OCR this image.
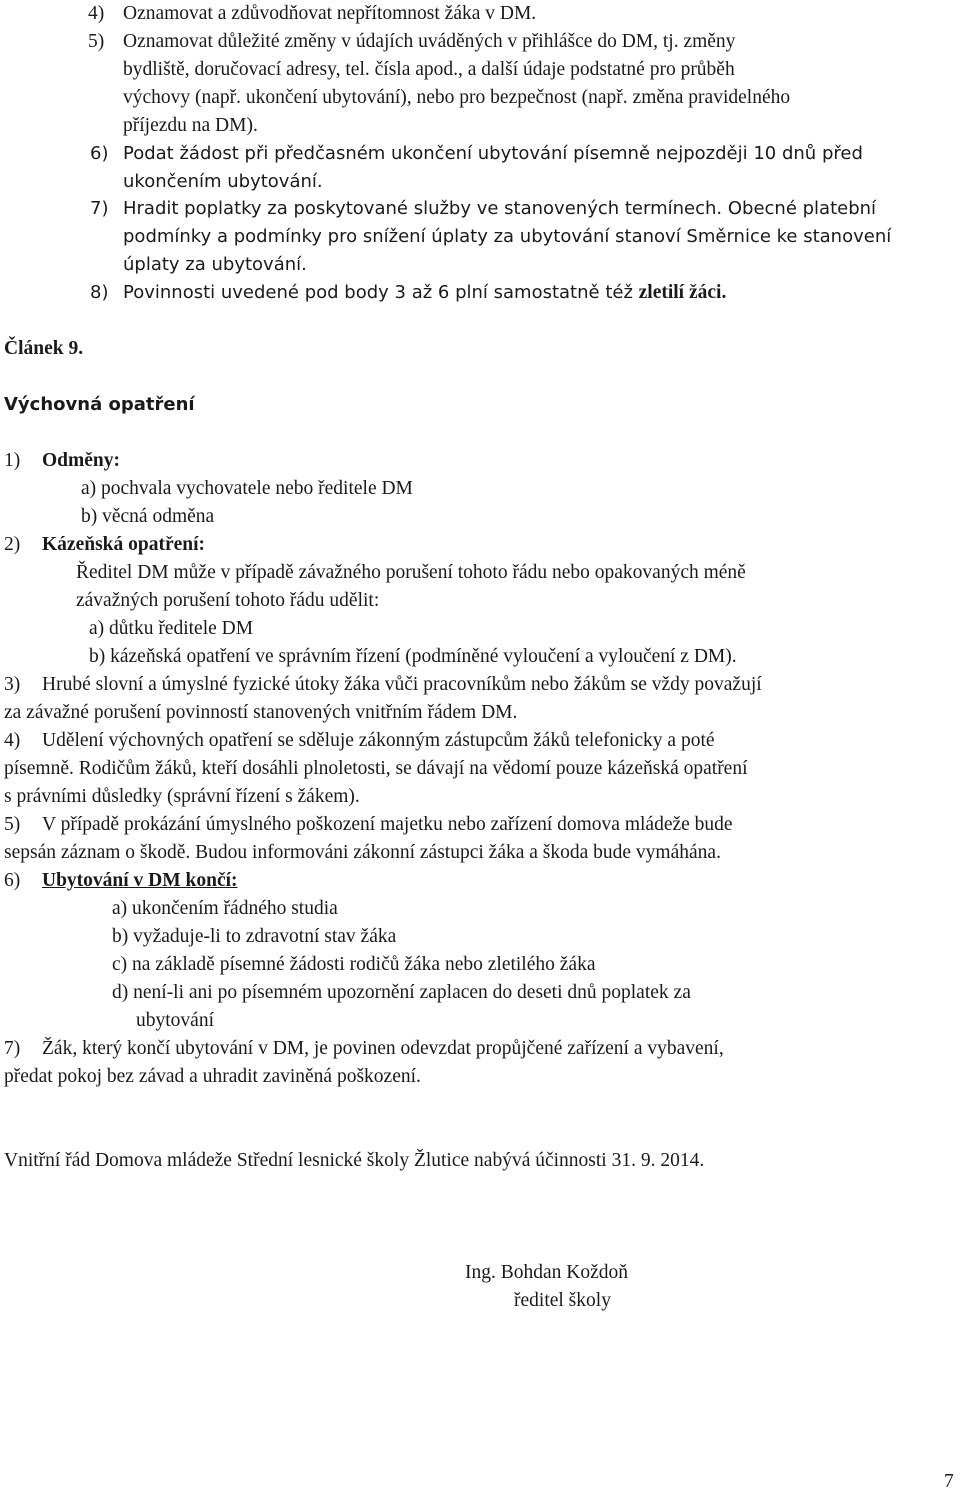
4) Oznamovat a zdůvodňovat nepřítomnost žáka v DM.
5) Oznamovat důležité změny v údajích uváděných v přihlášce do DM, tj. změny
bydliště, doručovací adresy, tel. čísla apod., a další údaje podstatné pro průběh
výchovy (např. ukončení ubytování), nebo pro bezpečnost (např. změna pravidelného
příjezdu na DM).
6) Podat žádost při předčasném ukončení ubytování písemně nejpozději 10 dnů před
ukončením ubytování.
7) Hradit poplatky za poskytované služby ve stanovených termínech. Obecné platební
podmínky a podmínky pro snížení úplaty za ubytování stanoví Směrnice ke stanovení
úplaty za ubytování.
8) Povinnosti uvedené pod body 3 až 6 plní samostatně též zletilí žáci.
Článek 9.
Výchovná opatření
1) Odměny:
a) pochvala vychovatele nebo ředitele DM
b) věcná odměna
2) Kázeňská opatření:
Ředitel DM může v případě závažného porušení tohoto řádu nebo opakovaných méně
závažných porušení tohoto řádu udělit:
a) důtku ředitele DM
b) kázeňská opatření ve správním řízení (podmíněné vyloučení a vyloučení z DM).
3) Hrubé slovní a úmyslné fyzické útoky žáka vůči pracovníkům nebo žákům se vždy považují
za závažné porušení povinností stanovených vnitřním řádem DM.
4) Udělení výchovných opatření se sděluje zákonným zástupcům žáků telefonicky a poté
písemně. Rodičům žáků, kteří dosáhli plnoletosti, se dávají na vědomí pouze kázeňská opatření
s právními důsledky (správní řízení s žákem).
5) V případě prokázání úmyslného poškození majetku nebo zařízení domova mládeže bude
sepsán záznam o škodě. Budou informováni zákonní zástupci žáka a škoda bude vymáhána.
6) Ubytování v DM končí:
a) ukončením řádného studia
b) vyžaduje-li to zdravotní stav žáka
c) na základě písemné žádosti rodičů žáka nebo zletilého žáka
d) není-li ani po písemném upozornění zaplacen do deseti dnů poplatek za
ubytování
7) Žák, který končí ubytování v DM, je povinen odevzdat propůjčené zařízení a vybavení,
předat pokoj bez závad a uhradit zaviněná poškození.
Vnitřní řád Domova mládeže Střední lesnické školy Žlutice nabývá účinnosti 31. 9. 2014.
Ing. Bohdan Koždoň
ředitel školy
7
